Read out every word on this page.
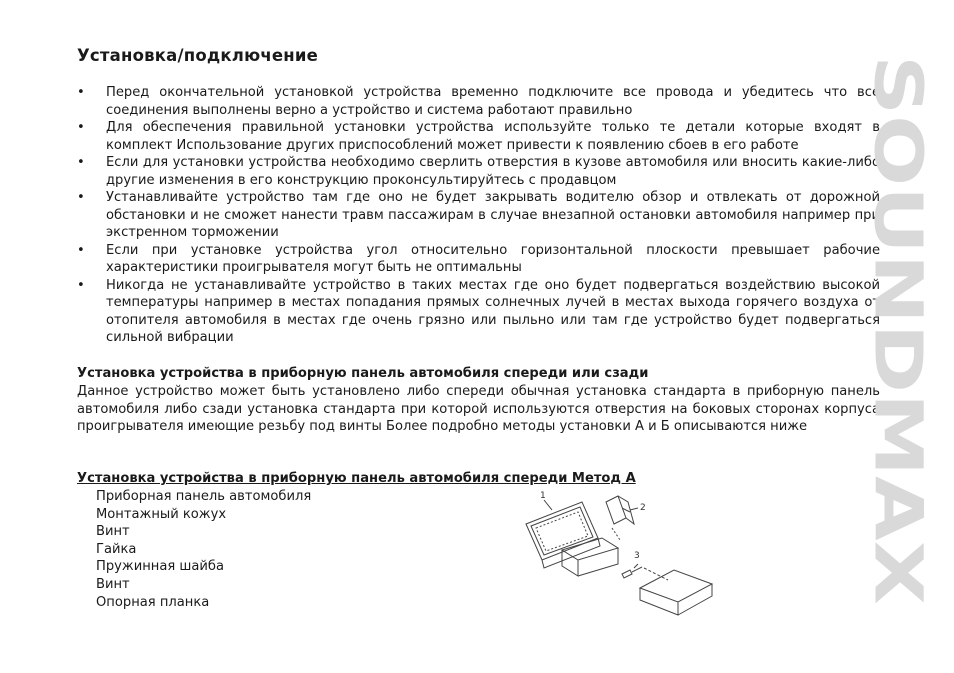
Установка/подключение
• Перед окончательной установкой устройства временно подключите все провода и убедитесь что все соединения выполнены верно а устройство и система работают правильно
• Для обеспечения правильной установки устройства используйте только те детали которые входят в комплект Использование других приспособлений может привести к появлению сбоев в его работе
• Если для установки устройства необходимо сверлить отверстия в кузове автомобиля или вносить какие-либо другие изменения в его конструкцию проконсультируйтесь с продавцом
• Устанавливайте устройство там где оно не будет закрывать водителю обзор и отвлекать от дорожной обстановки и не сможет нанести травм пассажирам в случае внезапной остановки автомобиля например при экстренном торможении
• Если при установке устройства угол относительно горизонтальной плоскости превышает рабочие характеристики проигрывателя могут быть не оптимальны
• Никогда не устанавливайте устройство в таких местах где оно будет подвергаться воздействию высокой температуры например в местах попадания прямых солнечных лучей в местах выхода горячего воздуха от отопителя автомобиля в местах где очень грязно или пыльно или там где устройство будет подвергаться сильной вибрации
Установка устройства в приборную панель автомобиля спереди или сзади

Данное устройство может быть установлено либо спереди обычная установка стандарта в приборную панель автомобиля либо сзади установка стандарта при которой используются отверстия на боковых сторонах корпуса проигрывателя имеющие резьбу под винты Более подробно методы установки А и Б описываются ниже

Установка устройства в приборную панель автомобиля спереди Метод А
Приборная панель автомобиля
Монтажный кожух
Винт
Гайка
Пружинная шайба
Винт
Опорная планка
1
2
3
SOUNDMAX
